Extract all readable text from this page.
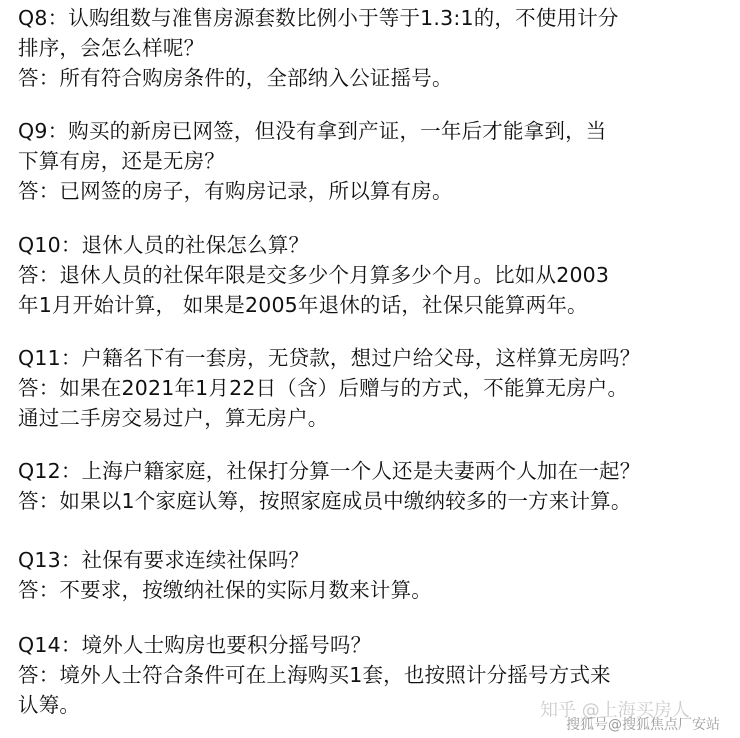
Q8：认购组数与准售房源套数比例小于等于1.3:1的，不使用计分
排序，会怎么样呢？
答：所有符合购房条件的，全部纳入公证摇号。
Q9：购买的新房已网签，但没有拿到产证，一年后才能拿到，当
下算有房，还是无房？
答：已网签的房子，有购房记录，所以算有房。
Q10：退休人员的社保怎么算？
答：退休人员的社保年限是交多少个月算多少个月。比如从2003
年1月开始计算， 如果是2005年退休的话，社保只能算两年。
Q11：户籍名下有一套房，无贷款，想过户给父母，这样算无房吗？
答：如果在2021年1月22日（含）后赠与的方式，不能算无房户。
通过二手房交易过户，算无房户。
Q12：上海户籍家庭，社保打分算一个人还是夫妻两个人加在一起？
答：如果以1个家庭认筹，按照家庭成员中缴纳较多的一方来计算。
Q13：社保有要求连续社保吗？
答：不要求，按缴纳社保的实际月数来计算。
Q14：境外人士购房也要积分摇号吗？
答：境外人士符合条件可在上海购买1套，也按照计分摇号方式来
认筹。	知乎 @上海买房人
搜狐号@搜狐焦点厂安站
